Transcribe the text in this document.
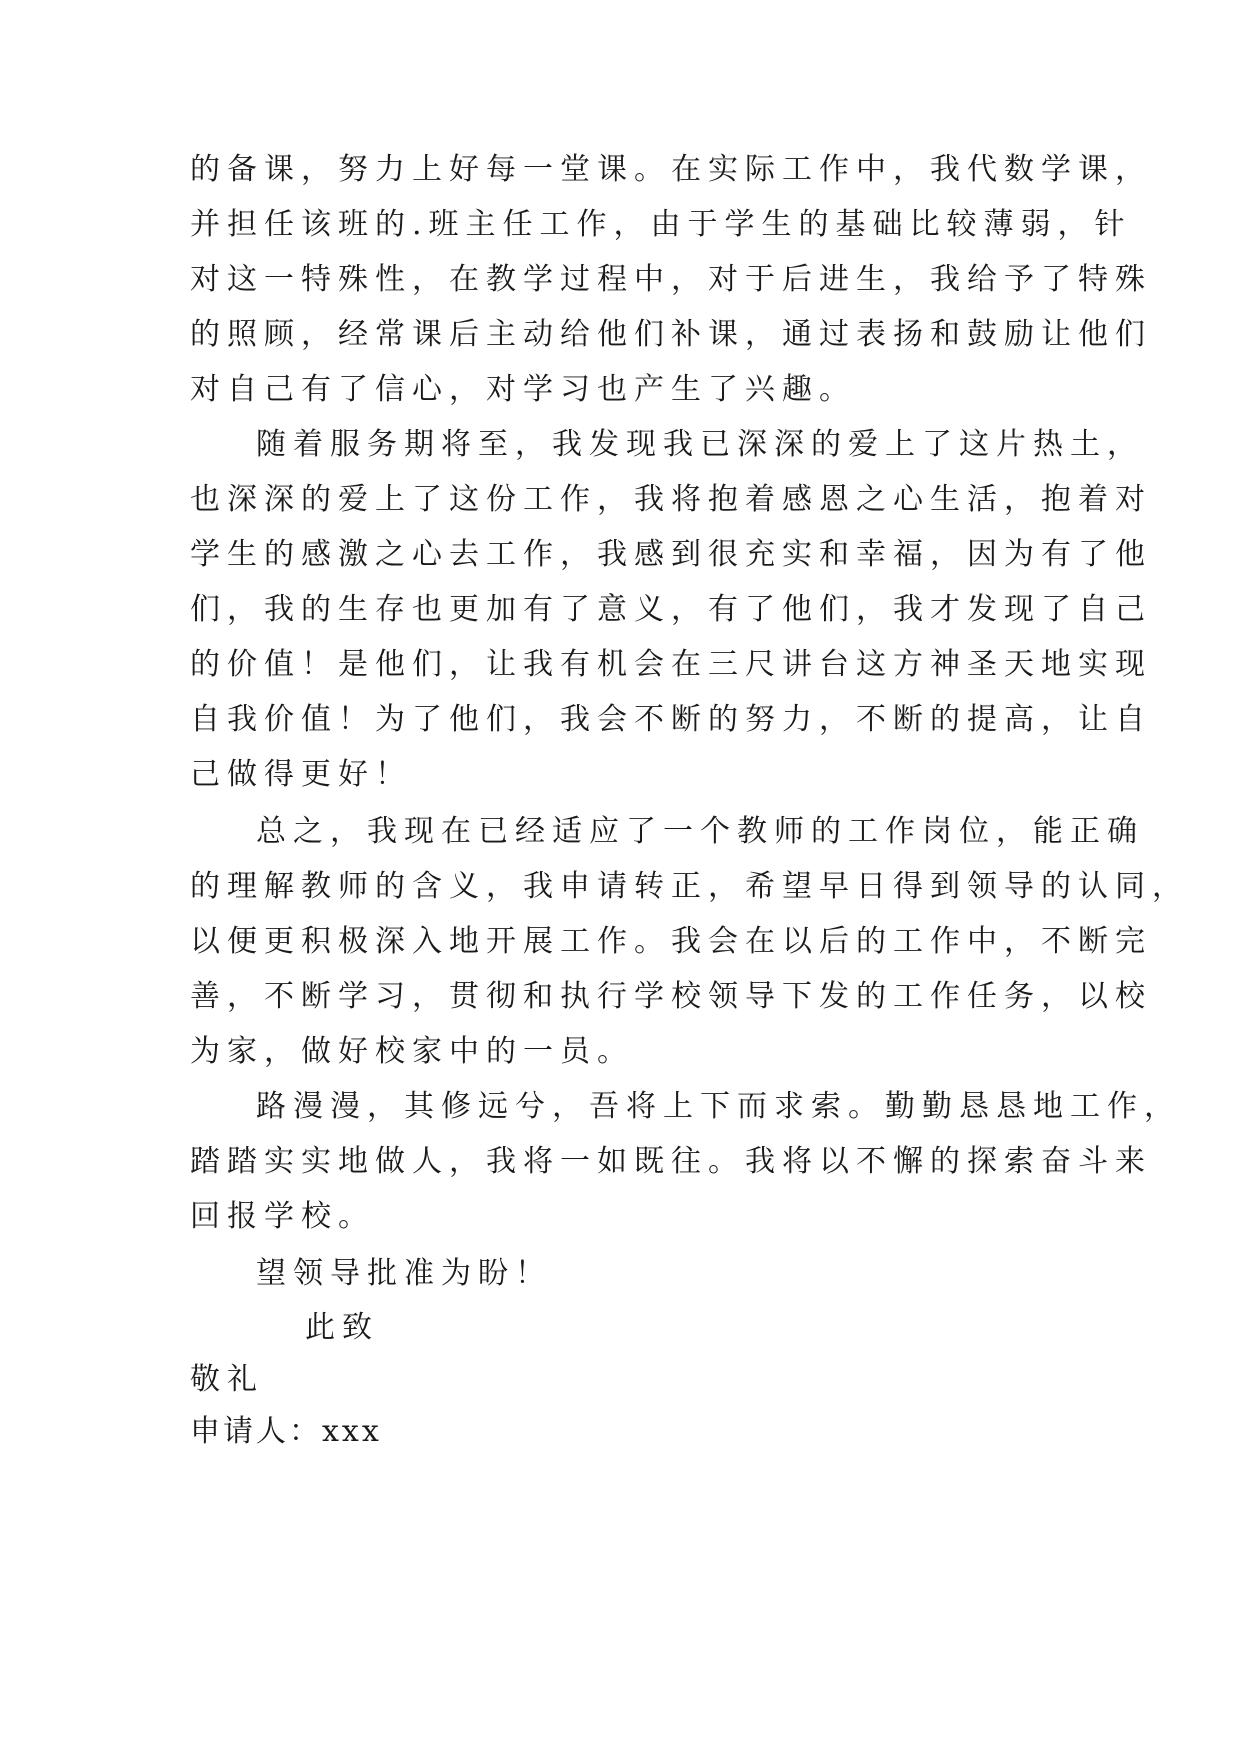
的备课，努力上好每一堂课。在实际工作中，我代数学课，
并担任该班的.班主任工作，由于学生的基础比较薄弱，针
对这一特殊性，在教学过程中，对于后进生，我给予了特殊
的照顾，经常课后主动给他们补课，通过表扬和鼓励让他们
对自己有了信心，对学习也产生了兴趣。
随着服务期将至，我发现我已深深的爱上了这片热土，
也深深的爱上了这份工作，我将抱着感恩之心生活，抱着对
学生的感激之心去工作，我感到很充实和幸福，因为有了他
们，我的生存也更加有了意义，有了他们，我才发现了自己
的价值！是他们，让我有机会在三尺讲台这方神圣天地实现
自我价值！为了他们，我会不断的努力，不断的提高，让自
己做得更好！
总之，我现在已经适应了一个教师的工作岗位，能正确
的理解教师的含义，我申请转正，希望早日得到领导的认同，
以便更积极深入地开展工作。我会在以后的工作中，不断完
善，不断学习，贯彻和执行学校领导下发的工作任务，以校
为家，做好校家中的一员。
路漫漫，其修远兮，吾将上下而求索。勤勤恳恳地工作，
踏踏实实地做人，我将一如既往。我将以不懈的探索奋斗来
回报学校。
望领导批准为盼！
此致
敬礼
申请人：xxx
